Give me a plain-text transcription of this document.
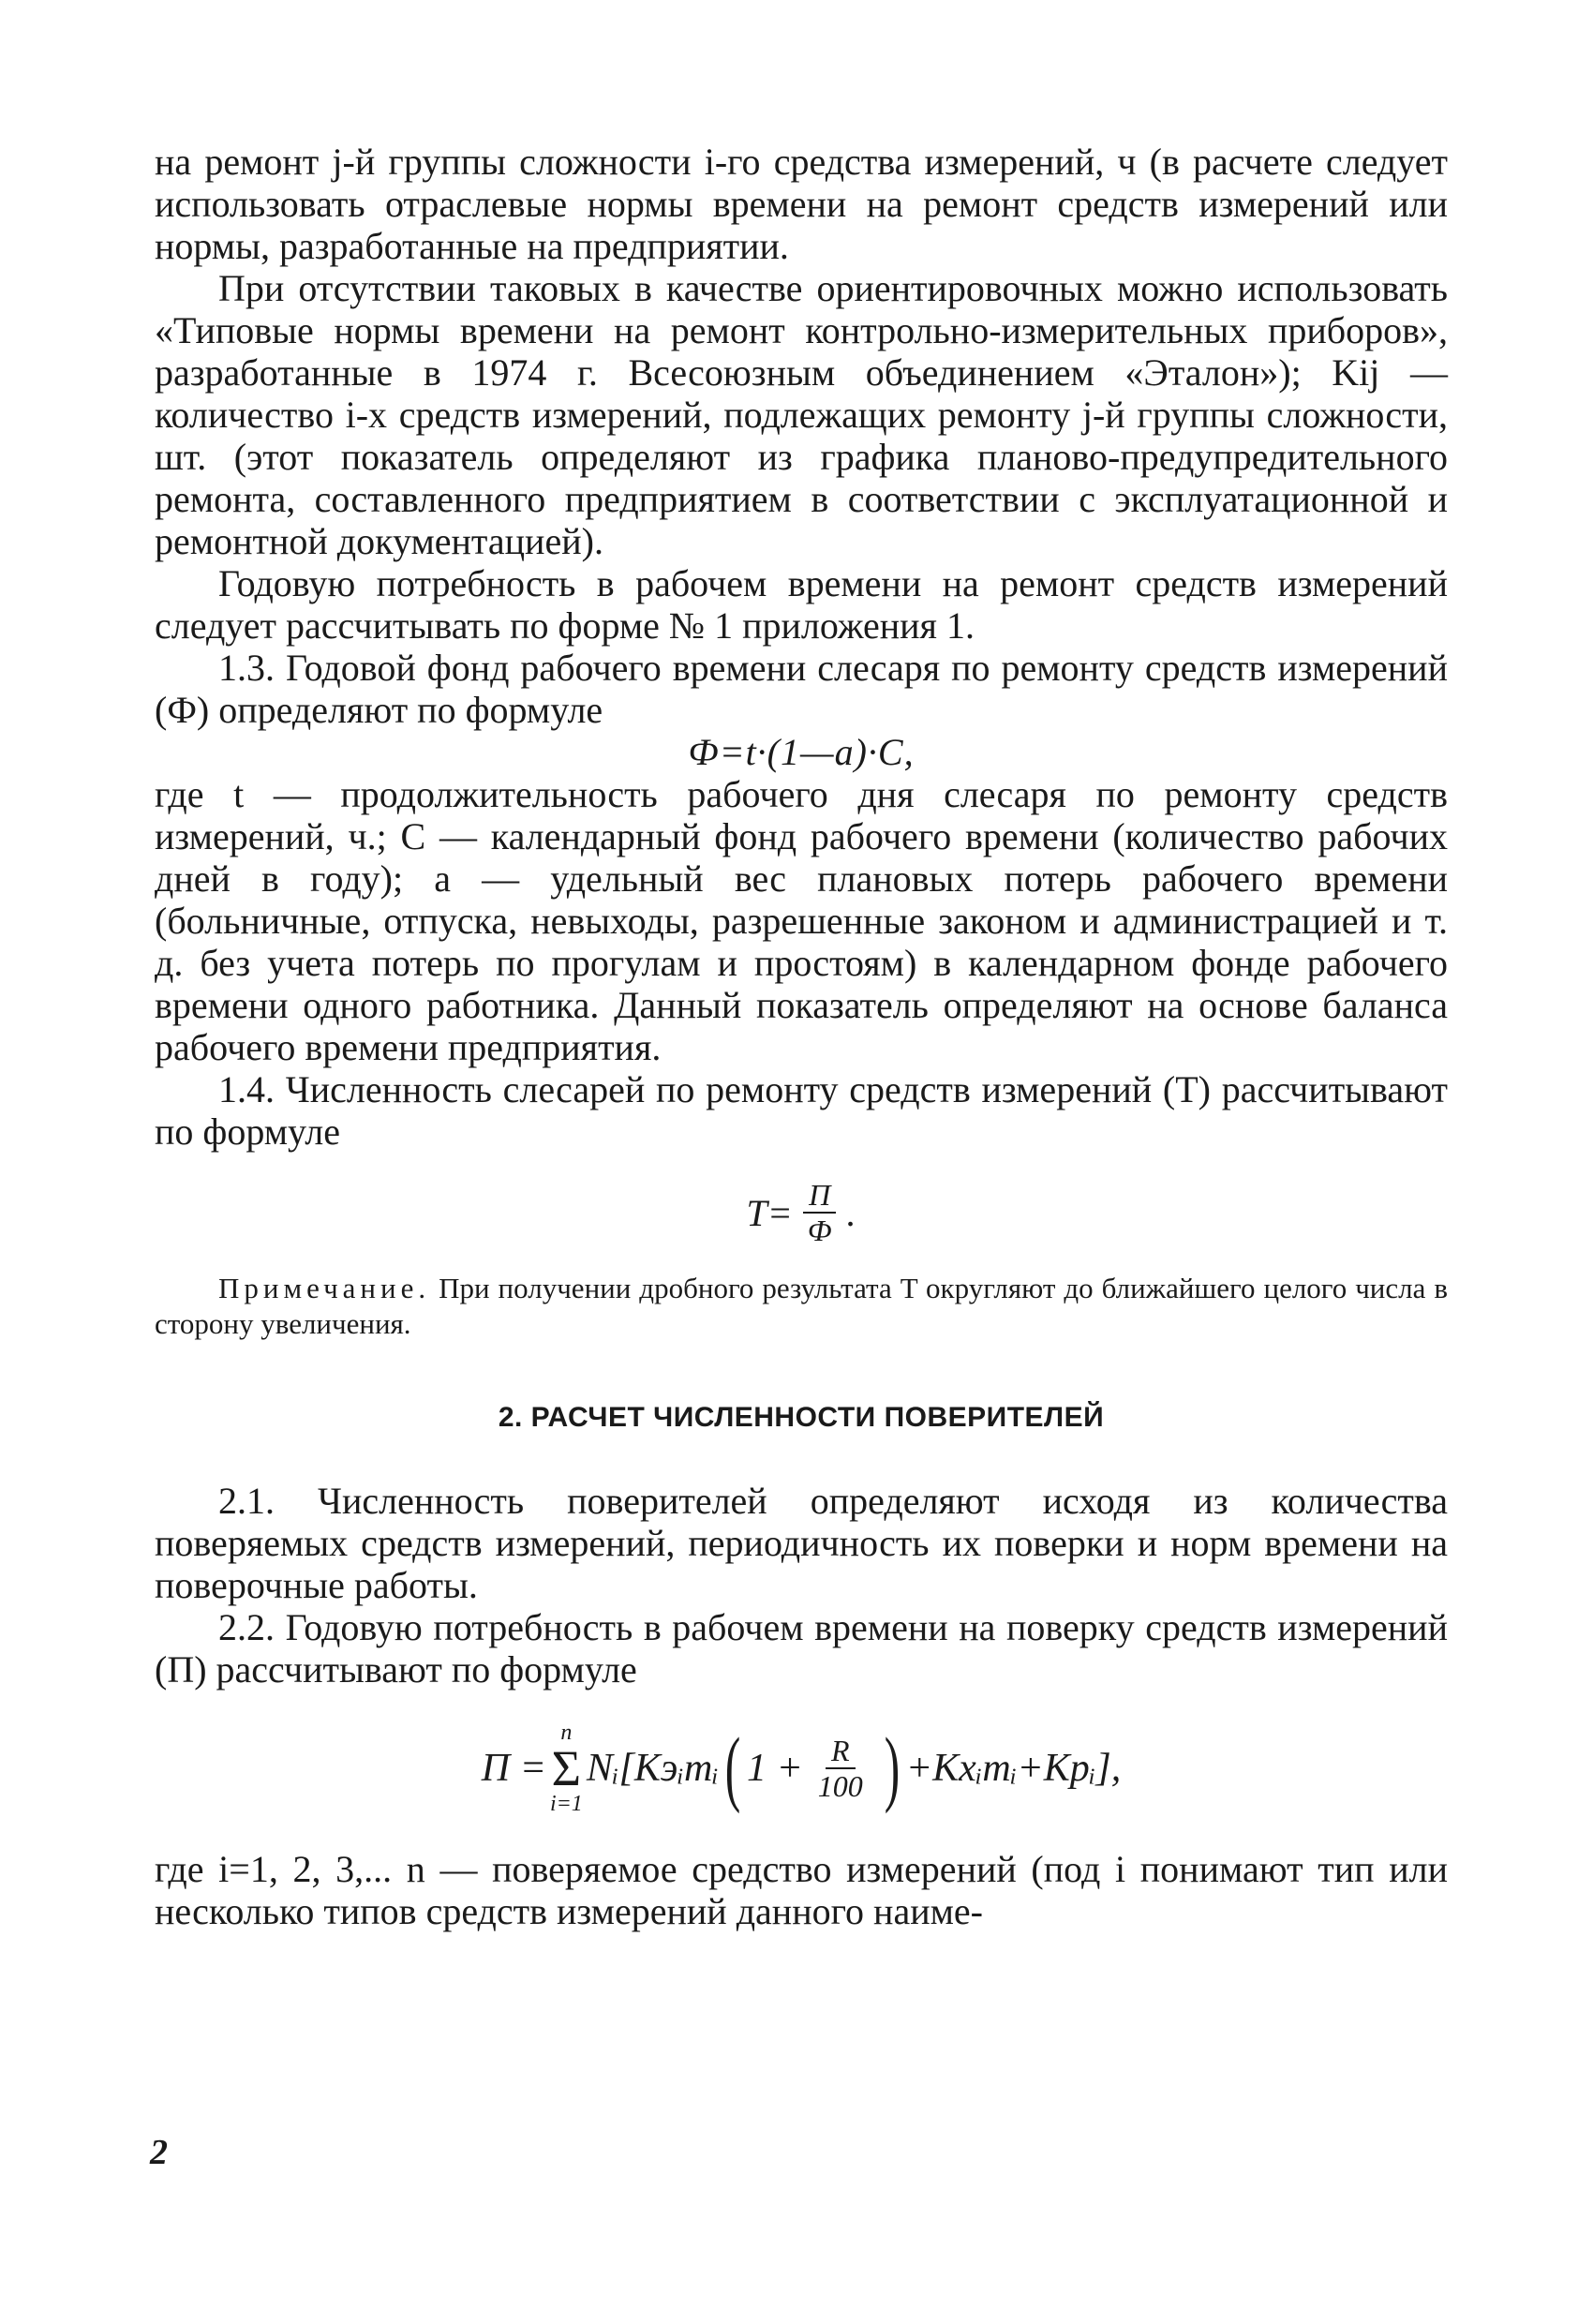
на ремонт j-й группы сложности i-го средства измерений, ч (в расчете следует использовать отраслевые нормы времени на ремонт средств измерений или нормы, разработанные на предприятии.

При отсутствии таковых в качестве ориентировочных можно использовать «Типовые нормы времени на ремонт контрольно-измерительных приборов», разработанные в 1974 г. Всесоюзным объединением «Эталон»); Kij — количество i-х средств измерений, подлежащих ремонту j-й группы сложности, шт. (этот показатель определяют из графика планово-предупредительного ремонта, составленного предприятием в соответствии с эксплуатационной и ремонтной документацией).

Годовую потребность в рабочем времени на ремонт средств измерений следует рассчитывать по форме № 1 приложения 1.

1.3. Годовой фонд рабочего времени слесаря по ремонту средств измерений (Ф) определяют по формуле

Ф=t·(1—a)·C,

где t — продолжительность рабочего дня слесаря по ремонту средств измерений, ч.; C — календарный фонд рабочего времени (количество рабочих дней в году); a — удельный вес плановых потерь рабочего времени (больничные, отпуска, невыходы, разрешенные законом и администрацией и т. д. без учета потерь по прогулам и простоям) в календарном фонде рабочего времени одного работника. Данный показатель определяют на основе баланса рабочего времени предприятия.

1.4. Численность слесарей по ремонту средств измерений (T) рассчитывают по формуле

$T= \frac{П}{Ф}$ .

Примечание. При получении дробного результата T округляют до ближайшего целого числа в сторону увеличения.

2. РАСЧЕТ ЧИСЛЕННОСТИ ПОВЕРИТЕЛЕЙ

2.1. Численность поверителей определяют исходя из количества поверяемых средств измерений, периодичность их поверки и норм времени на поверочные работы.

2.2. Годовую потребность в рабочем времени на поверку средств измерений (П) рассчитывают по формуле

П =
n
Σ
i=1
Nᵢ[Kэᵢmᵢ ( $1 + \frac{R}{100}$ ) +Kхᵢmᵢ+Kрᵢ],

где i=1, 2, 3,... n — поверяемое средство измерений (под i понимают тип или несколько типов средств измерений данного наиме-

2
